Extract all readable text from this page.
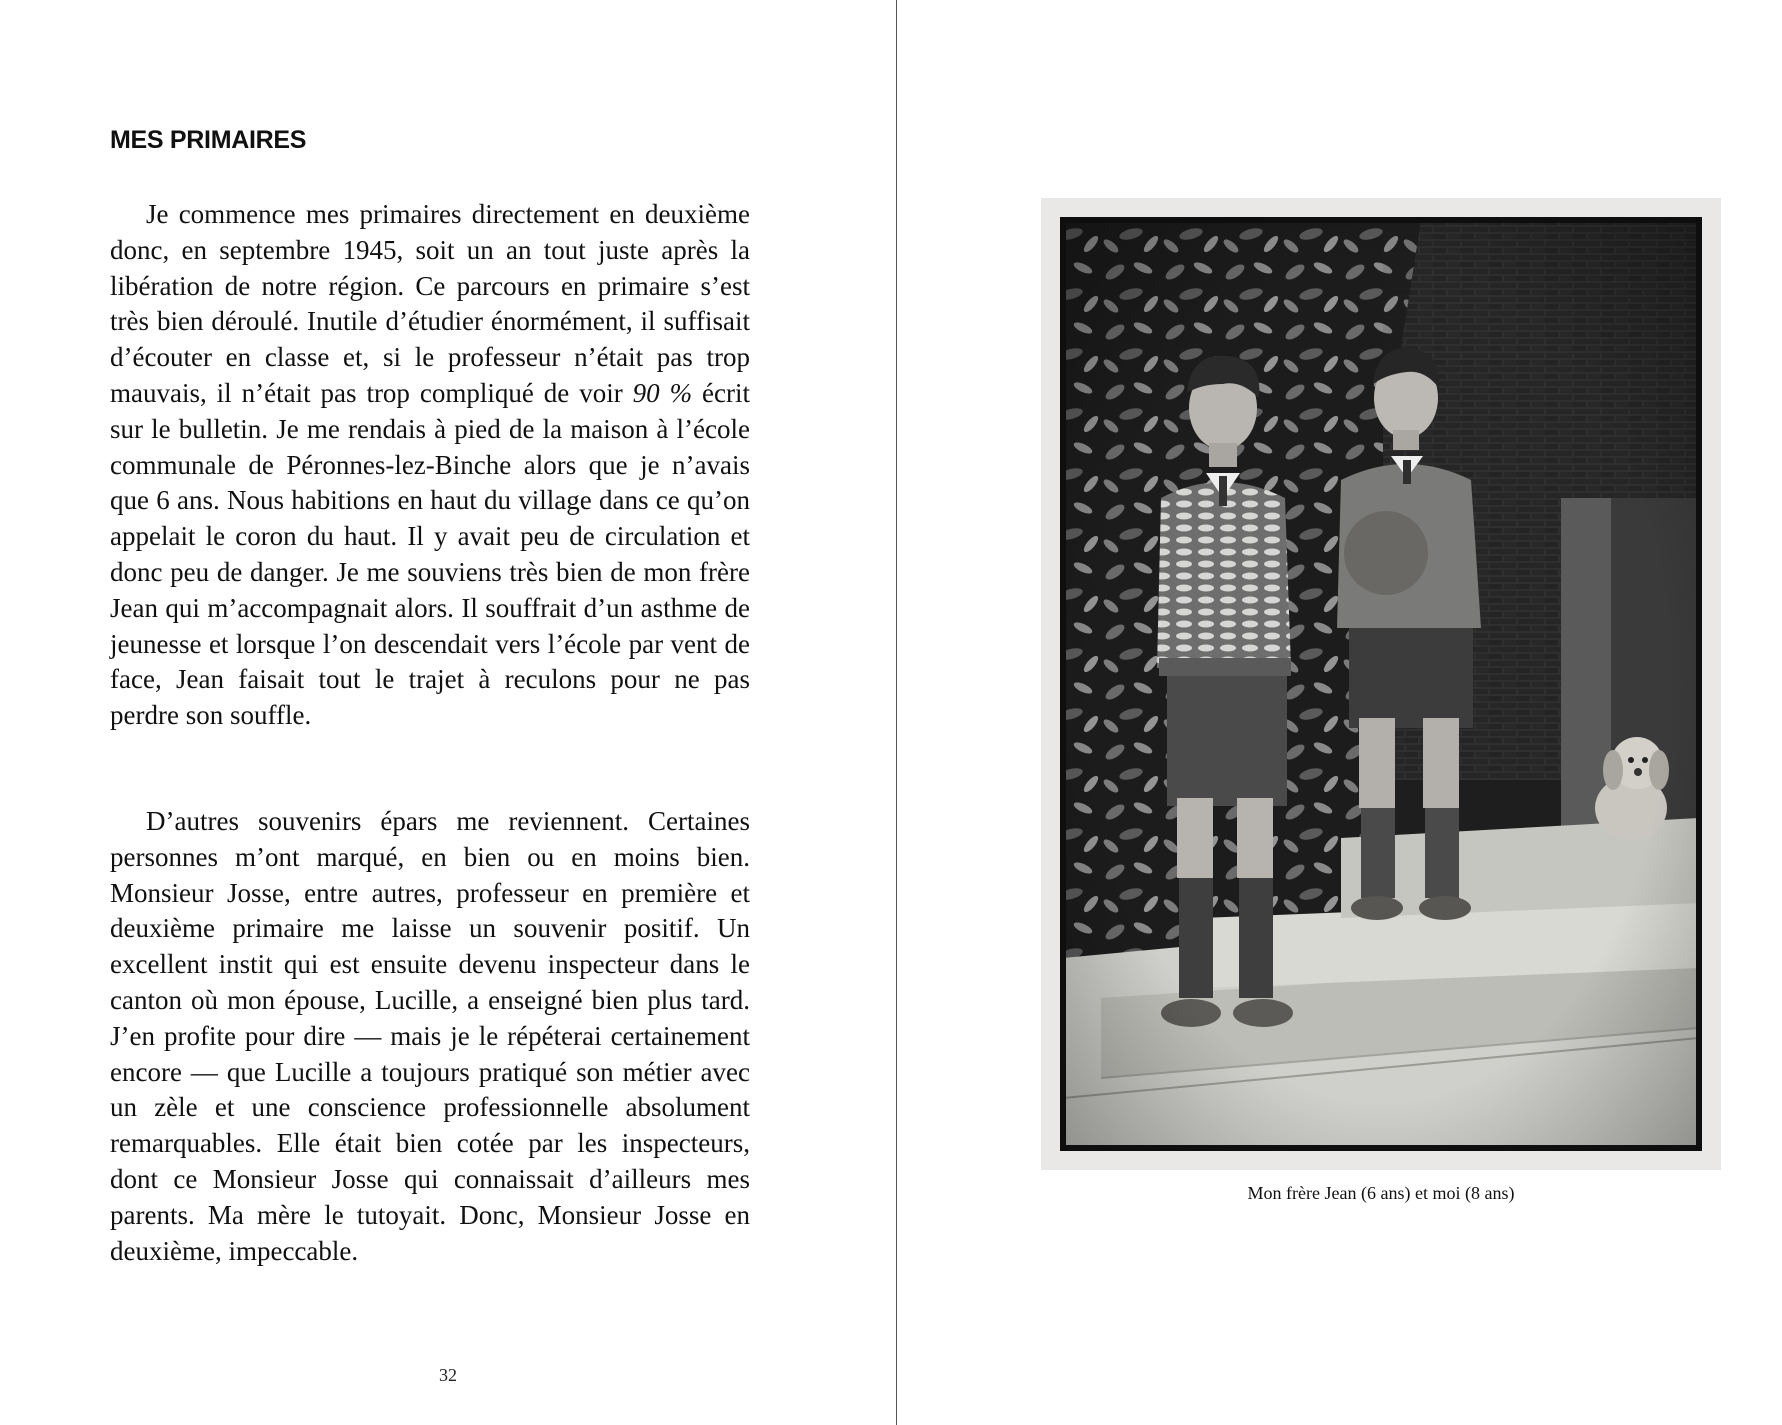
MES PRIMAIRES

Je commence mes primaires directement en deuxième donc, en septembre 1945, soit un an tout juste après la libération de notre région. Ce parcours en primaire s’est très bien déroulé. Inutile d’étudier énormément, il suffisait d’écouter en classe et, si le professeur n’était pas trop mauvais, il n’était pas trop compliqué de voir 90 % écrit sur le bulletin. Je me rendais à pied de la maison à l’école communale de Péronnes-lez-Binche alors que je n’avais que 6 ans. Nous habitions en haut du village dans ce qu’on appelait le coron du haut. Il y avait peu de circulation et donc peu de danger. Je me souviens très bien de mon frère Jean qui m’accompagnait alors. Il souffrait d’un asthme de jeunesse et lorsque l’on descendait vers l’école par vent de face, Jean faisait tout le trajet à reculons pour ne pas perdre son souffle.

D’autres souvenirs épars me reviennent. Certaines personnes m’ont marqué, en bien ou en moins bien. Monsieur Josse, entre autres, professeur en première et deuxième primaire me laisse un souvenir positif. Un excellent instit qui est ensuite devenu inspecteur dans le canton où mon épouse, Lucille, a enseigné bien plus tard. J’en profite pour dire — mais je le répéterai certainement encore — que Lucille a toujours pratiqué son métier avec un zèle et une conscience professionnelle absolument remarquables. Elle était bien cotée par les inspecteurs, dont ce Monsieur Josse qui connaissait d’ailleurs mes parents. Ma mère le tutoyait. Donc, Monsieur Josse en deuxième, impeccable.

32
Mon frère Jean (6 ans) et moi (8 ans)
